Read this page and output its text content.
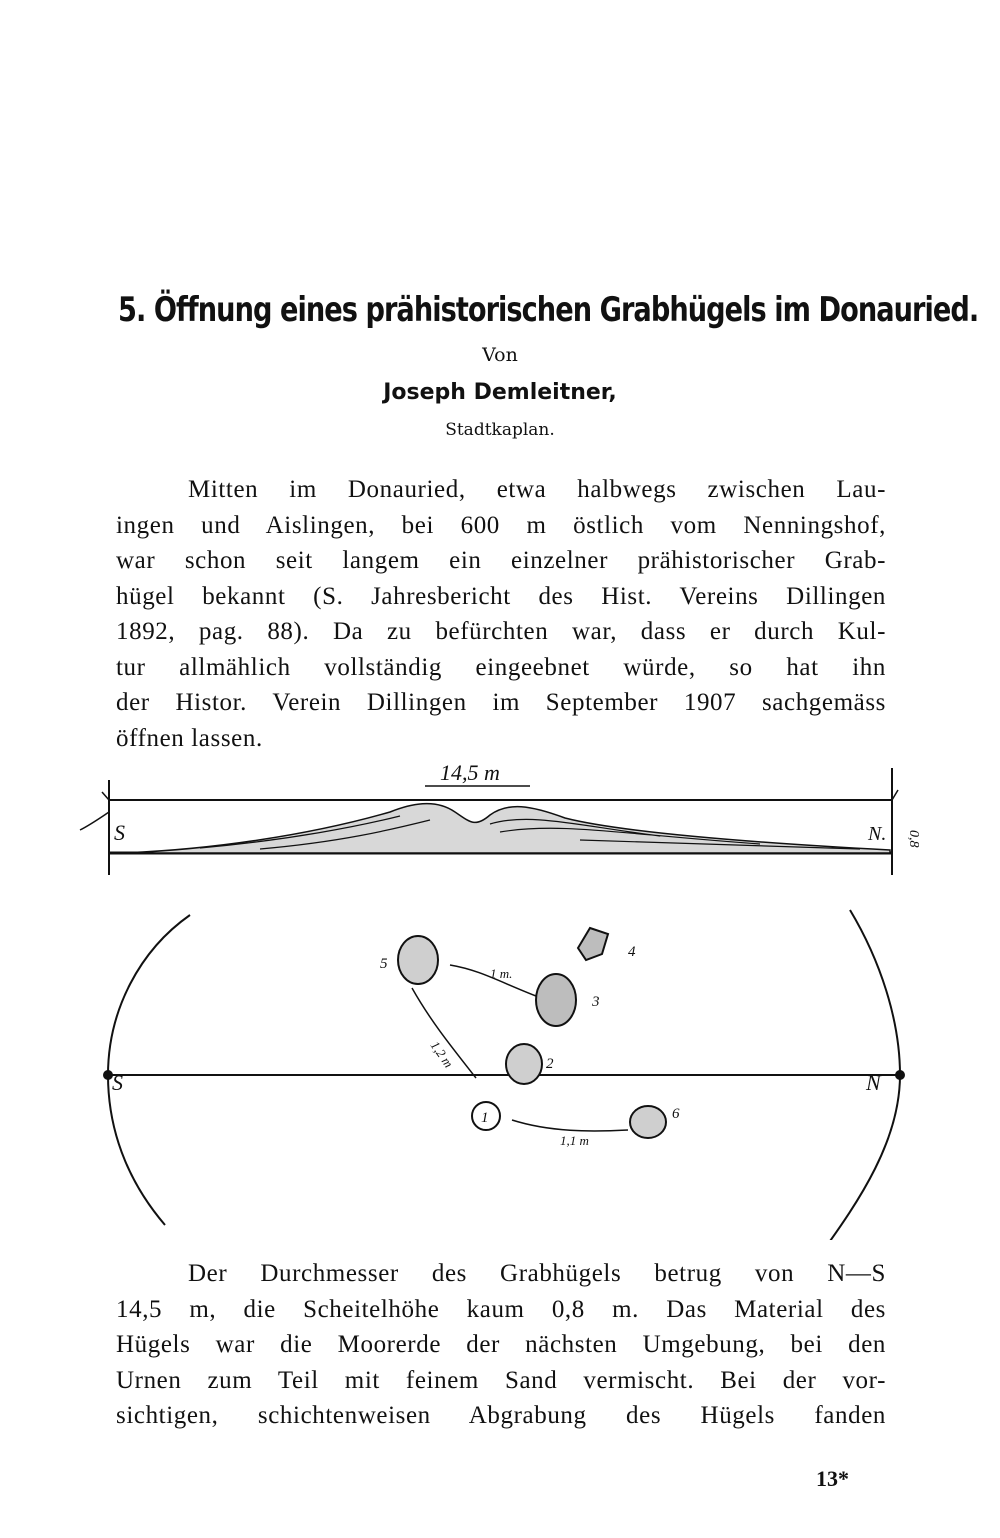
5. Öffnung eines prähistorischen Grabhügels im Donauried.
Von
Joseph Demleitner,
Stadtkaplan.
Mitten im Donauried, etwa halbwegs zwischen Lau-
ingen und Aislingen, bei 600 m östlich vom Nenningshof,
war schon seit langem ein einzelner prähistorischer Grab-
hügel bekannt (S. Jahresbericht des Hist. Vereins Dillingen
1892, pag. 88). Da zu befürchten war, dass er durch Kul-
tur allmählich vollständig eingeebnet würde, so hat ihn
der Histor. Verein Dillingen im September 1907 sachgemäss
öffnen lassen.
14,5 m
S	N. 0,8
S	N
1
2
3
4
5
6
1 m.
1,2 m
1,1 m
Der Durchmesser des Grabhügels betrug von N—S
14,5 m, die Scheitelhöhe kaum 0,8 m. Das Material des
Hügels war die Moorerde der nächsten Umgebung, bei den
Urnen zum Teil mit feinem Sand vermischt. Bei der vor-
sichtigen, schichtenweisen Abgrabung des Hügels fanden
13*
